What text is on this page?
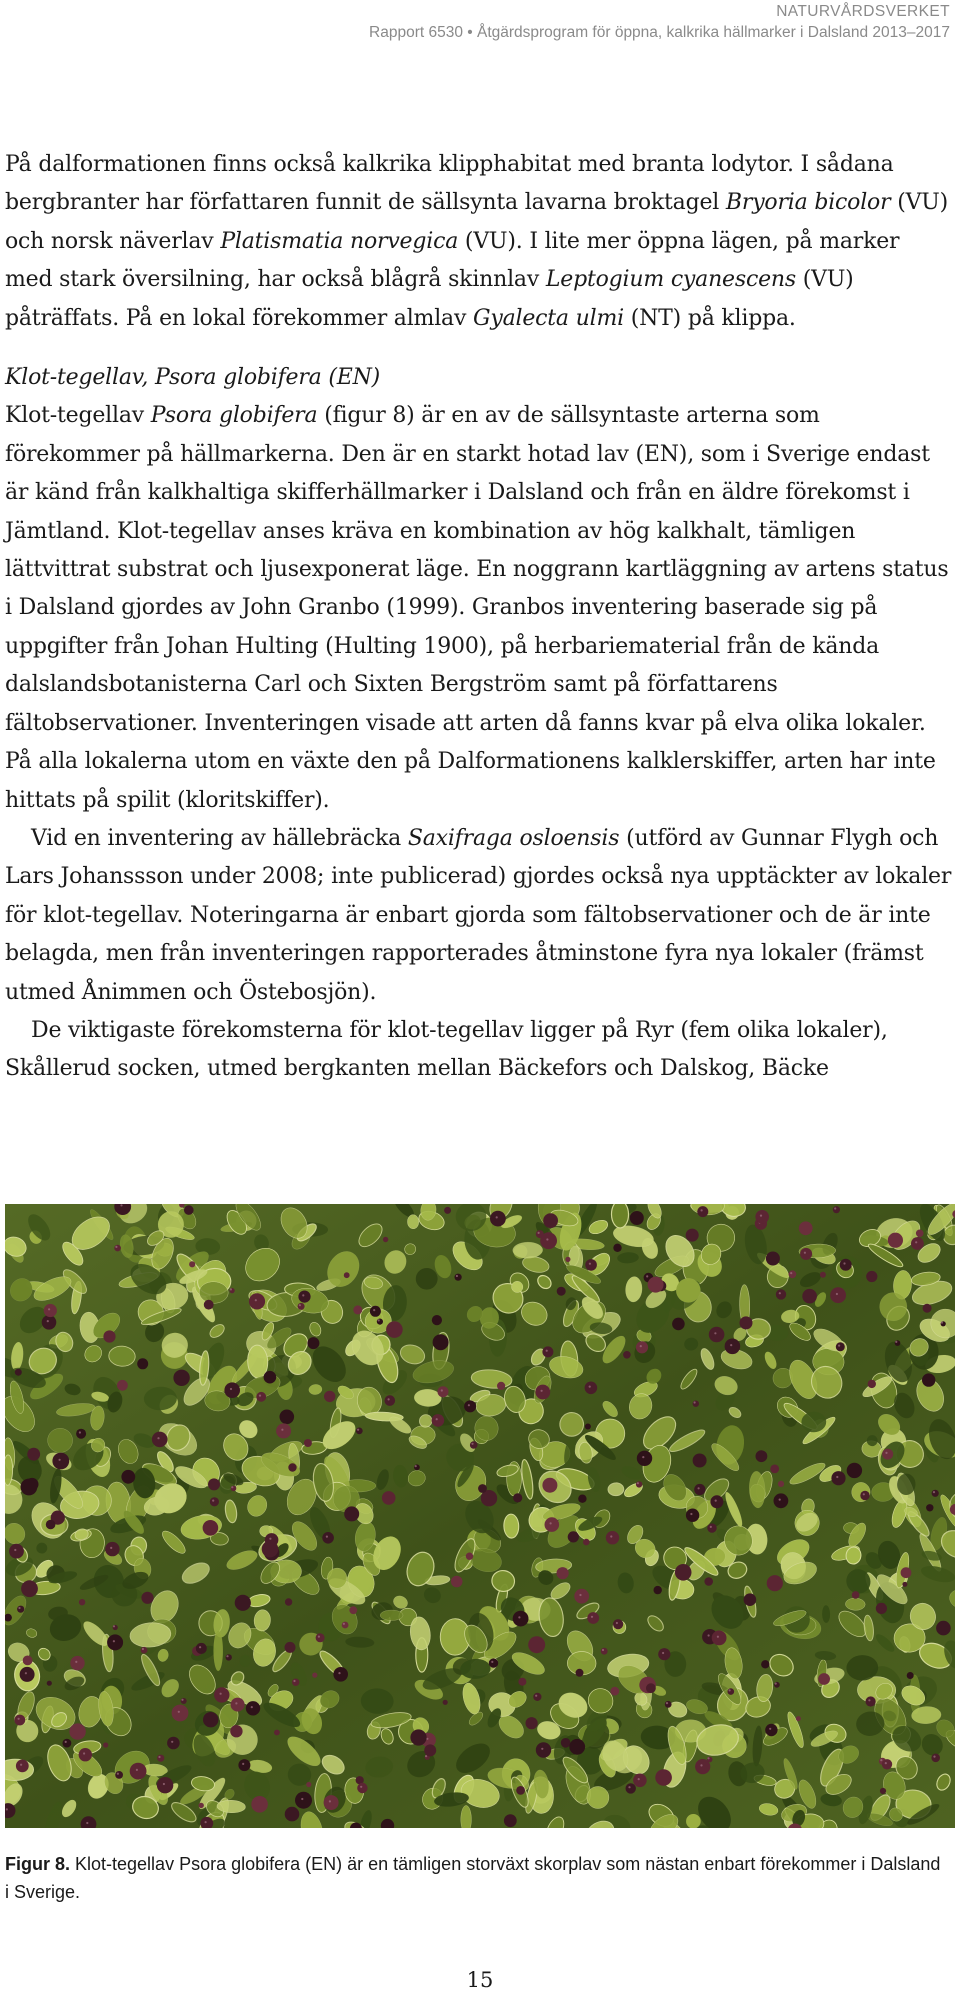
NATURVÅRDSVERKET
Rapport 6530 • Åtgärdsprogram för öppna, kalkrika hällmarker i Dalsland 2013–2017

På dalformationen finns också kalkrika klipphabitat med branta lodytor. I sådana bergbranter har författaren funnit de sällsynta lavarna broktagel Bryoria bicolor (VU) och norsk näverlav Platismatia norvegica (VU). I lite mer öppna lägen, på marker med stark översilning, har också blågrå skinnlav Leptogium cyanescens (VU) påträffats. På en lokal förekommer almlav Gyalecta ulmi (NT) på klippa.

Klot-tegellav, Psora globifera (EN)

Klot-tegellav Psora globifera (figur 8) är en av de sällsyntaste arterna som förekommer på hällmarkerna. Den är en starkt hotad lav (EN), som i Sverige endast är känd från kalkhaltiga skifferhällmarker i Dalsland och från en äldre förekomst i Jämtland. Klot-tegellav anses kräva en kombination av hög kalkhalt, tämligen lättvittrat substrat och ljusexponerat läge. En noggrann kartläggning av artens status i Dalsland gjordes av John Granbo (1999). Granbos inventering baserade sig på uppgifter från Johan Hulting (Hulting 1900), på herbariematerial från de kända dalslandsbotanisterna Carl och Sixten Bergström samt på författarens fältobservationer. Inventeringen visade att arten då fanns kvar på elva olika lokaler. På alla lokalerna utom en växte den på Dalformationens kalklerskiffer, arten har inte hittats på spilit (kloritskiffer).

Vid en inventering av hällebräcka Saxifraga osloensis (utförd av Gunnar Flygh och Lars Johanssson under 2008; inte publicerad) gjordes också nya upptäckter av lokaler för klot-tegellav. Noteringarna är enbart gjorda som fältobservationer och de är inte belagda, men från inventeringen rapporterades åtminstone fyra nya lokaler (främst utmed Ånimmen och Östebosjön).

De viktigaste förekomsterna för klot-tegellav ligger på Ryr (fem olika lokaler), Skållerud socken, utmed bergkanten mellan Bäckefors och Dalskog, Bäcke

Figur 8. Klot-tegellav Psora globifera (EN) är en tämligen storväxt skorplav som nästan enbart förekommer i Dalsland i Sverige.
15
